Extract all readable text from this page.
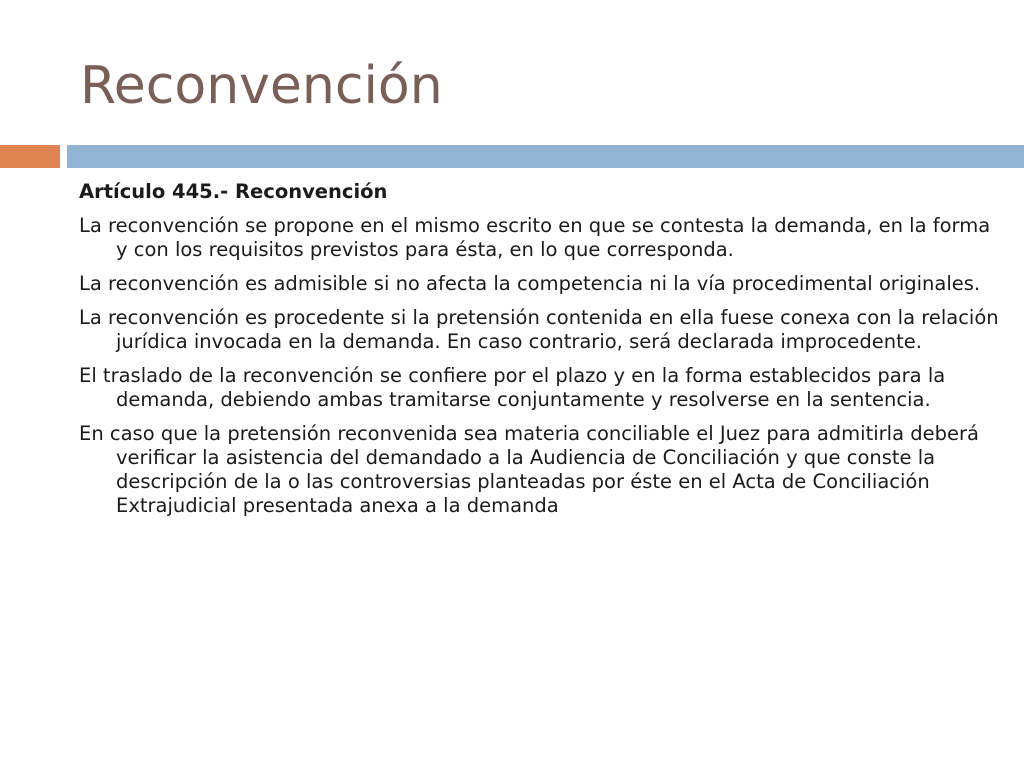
Reconvención

Artículo 445.- Reconvención

La reconvención se propone en el mismo escrito en que se contesta la demanda, en la forma y con los requisitos previstos para ésta, en lo que corresponda.

La reconvención es admisible si no afecta la competencia ni la vía procedimental originales.

La reconvención es procedente si la pretensión contenida en ella fuese conexa con la relación jurídica invocada en la demanda. En caso contrario, será declarada improcedente.

El traslado de la reconvención se confiere por el plazo y en la forma establecidos para la demanda, debiendo ambas tramitarse conjuntamente y resolverse en la sentencia.

En caso que la pretensión reconvenida sea materia conciliable el Juez para admitirla deberá verificar la asistencia del demandado a la Audiencia de Conciliación y que conste la descripción de la o las controversias planteadas por éste en el Acta de Conciliación Extrajudicial presentada anexa a la demanda
